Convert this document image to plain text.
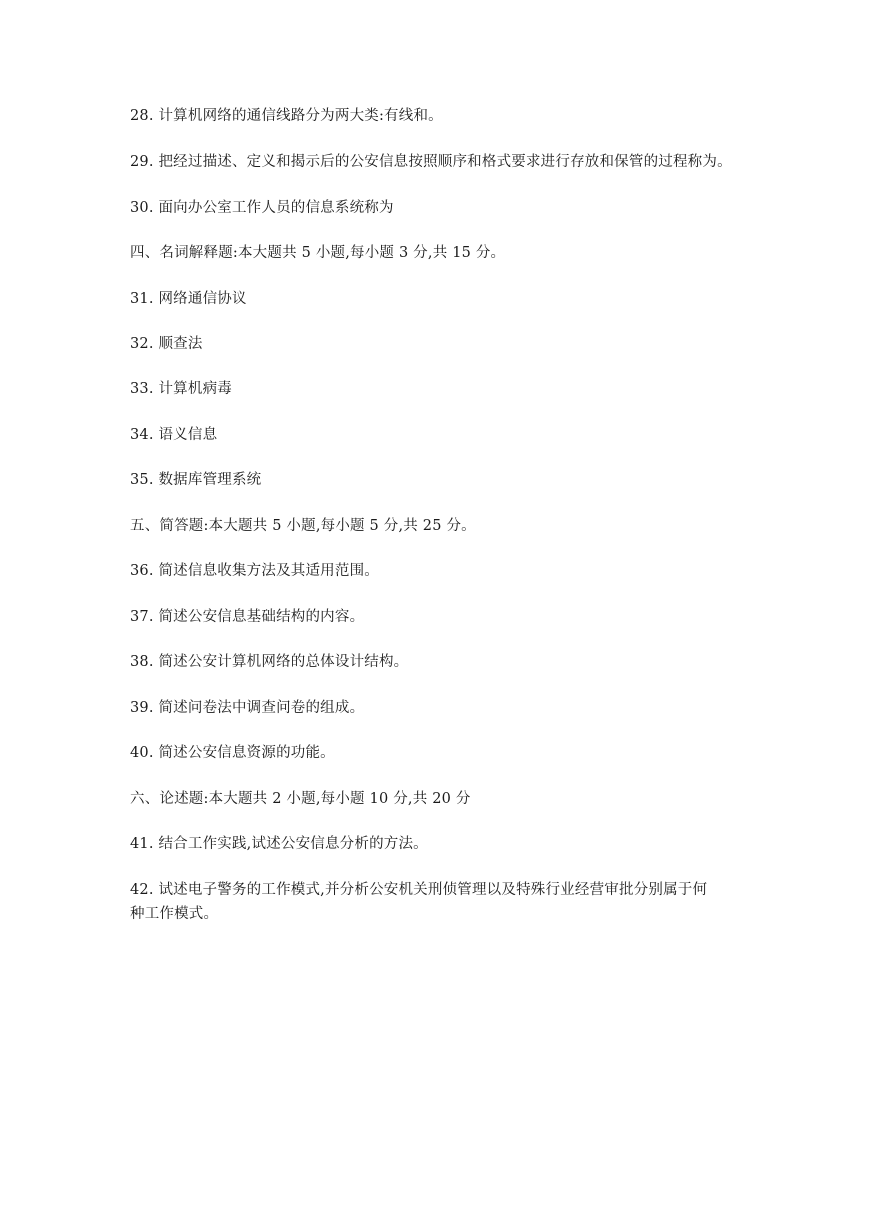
28. 计算机网络的通信线路分为两大类:有线和。
29. 把经过描述、定义和揭示后的公安信息按照顺序和格式要求进行存放和保管的过程称为。
30. 面向办公室工作人员的信息系统称为
四、名词解释题:本大题共 5 小题,每小题 3 分,共 15 分。
31. 网络通信协议
32. 顺查法
33. 计算机病毒
34. 语义信息
35. 数据库管理系统
五、简答题:本大题共 5 小题,每小题 5 分,共 25 分。
36. 简述信息收集方法及其适用范围。
37. 简述公安信息基础结构的内容。
38. 简述公安计算机网络的总体设计结构。
39. 简述问卷法中调查问卷的组成。
40. 简述公安信息资源的功能。
六、论述题:本大题共 2 小题,每小题 10 分,共 20 分
41. 结合工作实践,试述公安信息分析的方法。
42. 试述电子警务的工作模式,并分析公安机关刑侦管理以及特殊行业经营审批分别属于何
种工作模式。
